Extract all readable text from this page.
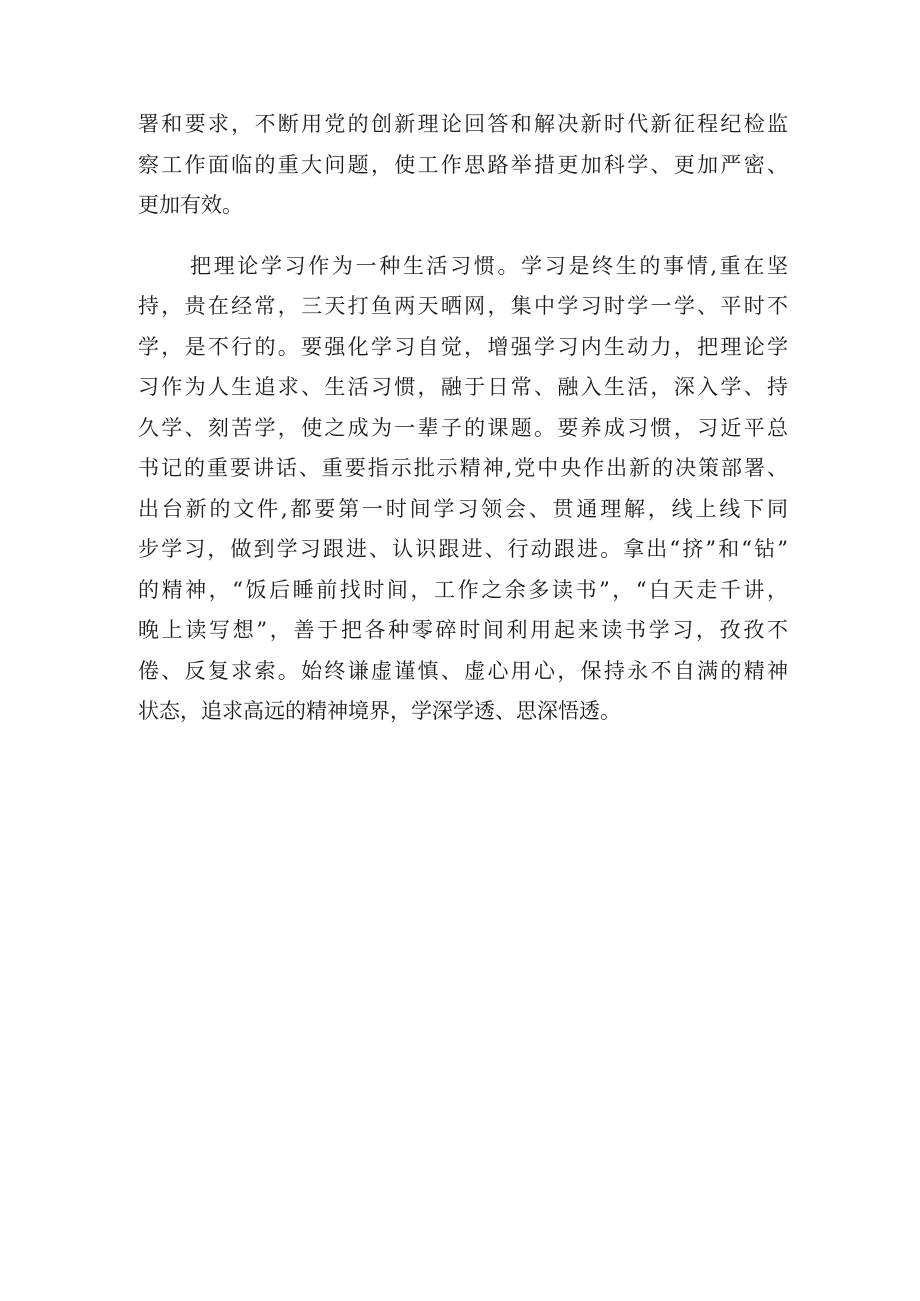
署和要求，不断用党的创新理论回答和解决新时代新征程纪检监
察工作面临的重大问题，使工作思路举措更加科学、更加严密、
更加有效。
把理论学习作为一种生活习惯。学习是终生的事情,重在坚
持，贵在经常，三天打鱼两天晒网，集中学习时学一学、平时不
学，是不行的。要强化学习自觉，增强学习内生动力，把理论学
习作为人生追求、生活习惯，融于日常、融入生活，深入学、持
久学、刻苦学，使之成为一辈子的课题。要养成习惯，习近平总
书记的重要讲话、重要指示批示精神,党中央作出新的决策部署、
出台新的文件,都要第一时间学习领会、贯通理解，线上线下同
步学习，做到学习跟进、认识跟进、行动跟进。拿出“挤”和“钻”
的精神，“饭后睡前找时间，工作之余多读书”，“白天走千讲，
晚上读写想”，善于把各种零碎时间利用起来读书学习，孜孜不
倦、反复求索。始终谦虚谨慎、虚心用心，保持永不自满的精神
状态，追求高远的精神境界，学深学透、思深悟透。
